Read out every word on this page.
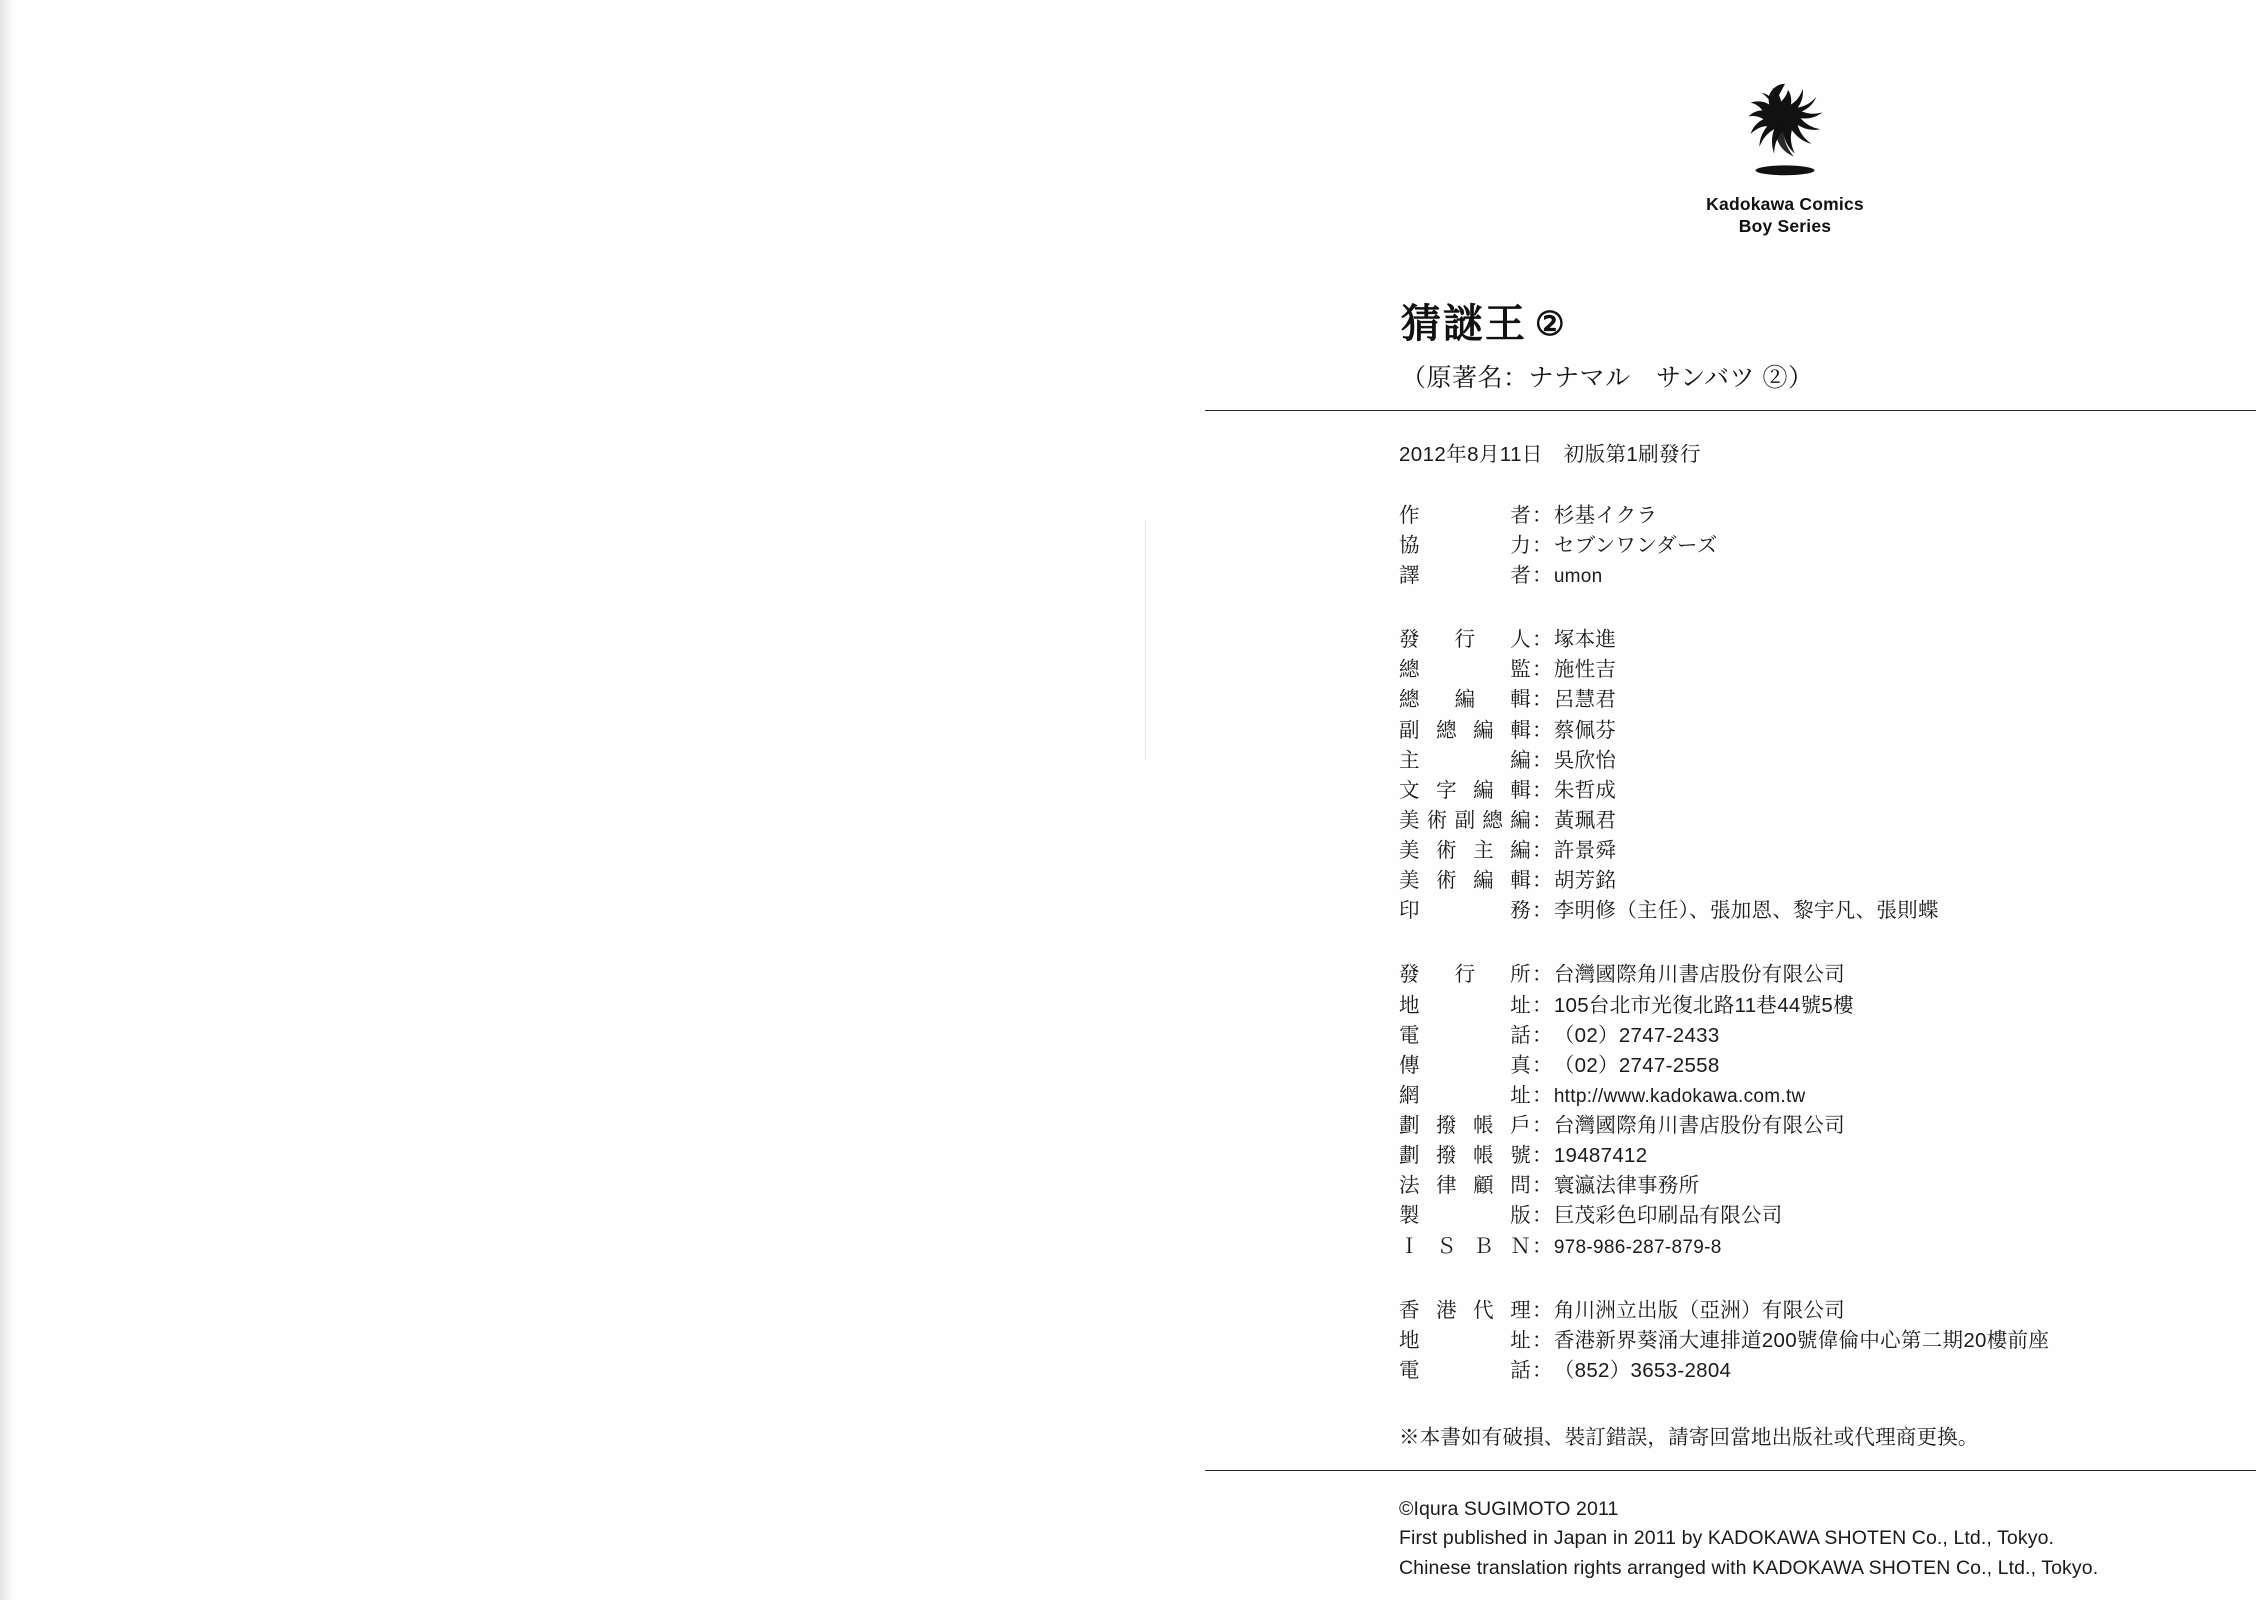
Kadokawa Comics
Boy Series
猜謎王 ②
（原著名：ナナマル　サンバツ ②）
2012年8月11日　初版第1刷發行
作　　者 ： 杉基イクラ
協　　力 ： セブンワンダーズ
譯　　者 ： umon
發 行 人 ： 塚本進
總　　監 ： 施性吉
總 編 輯 ： 呂慧君
副總編輯 ： 蔡佩芬
主　　編 ： 吳欣怡
文字編輯 ： 朱哲成
美術副總編 ： 黃珮君
美術主編 ： 許景舜
美術編輯 ： 胡芳銘
印　　務 ： 李明修（主任）、張加恩、黎宇凡、張則蝶
發 行 所 ： 台灣國際角川書店股份有限公司
地　　址 ： 105台北市光復北路11巷44號5樓
電　　話 ： （02）2747-2433
傳　　真 ： （02）2747-2558
網　　址 ： http://www.kadokawa.com.tw
劃撥帳戶 ： 台灣國際角川書店股份有限公司
劃撥帳號 ： 19487412
法律顧問 ： 寰瀛法律事務所
製　　版 ： 巨茂彩色印刷品有限公司
Ｉ Ｓ Ｂ Ｎ ： 978-986-287-879-8
香港代理 ： 角川洲立出版（亞洲）有限公司
地　　址 ： 香港新界葵涌大連排道200號偉倫中心第二期20樓前座
電　　話 ： （852）3653-2804
※本書如有破損、裝訂錯誤，請寄回當地出版社或代理商更換。
©Iqura SUGIMOTO 2011
First published in Japan in 2011 by KADOKAWA SHOTEN Co., Ltd., Tokyo.
Chinese translation rights arranged with KADOKAWA SHOTEN Co., Ltd., Tokyo.
